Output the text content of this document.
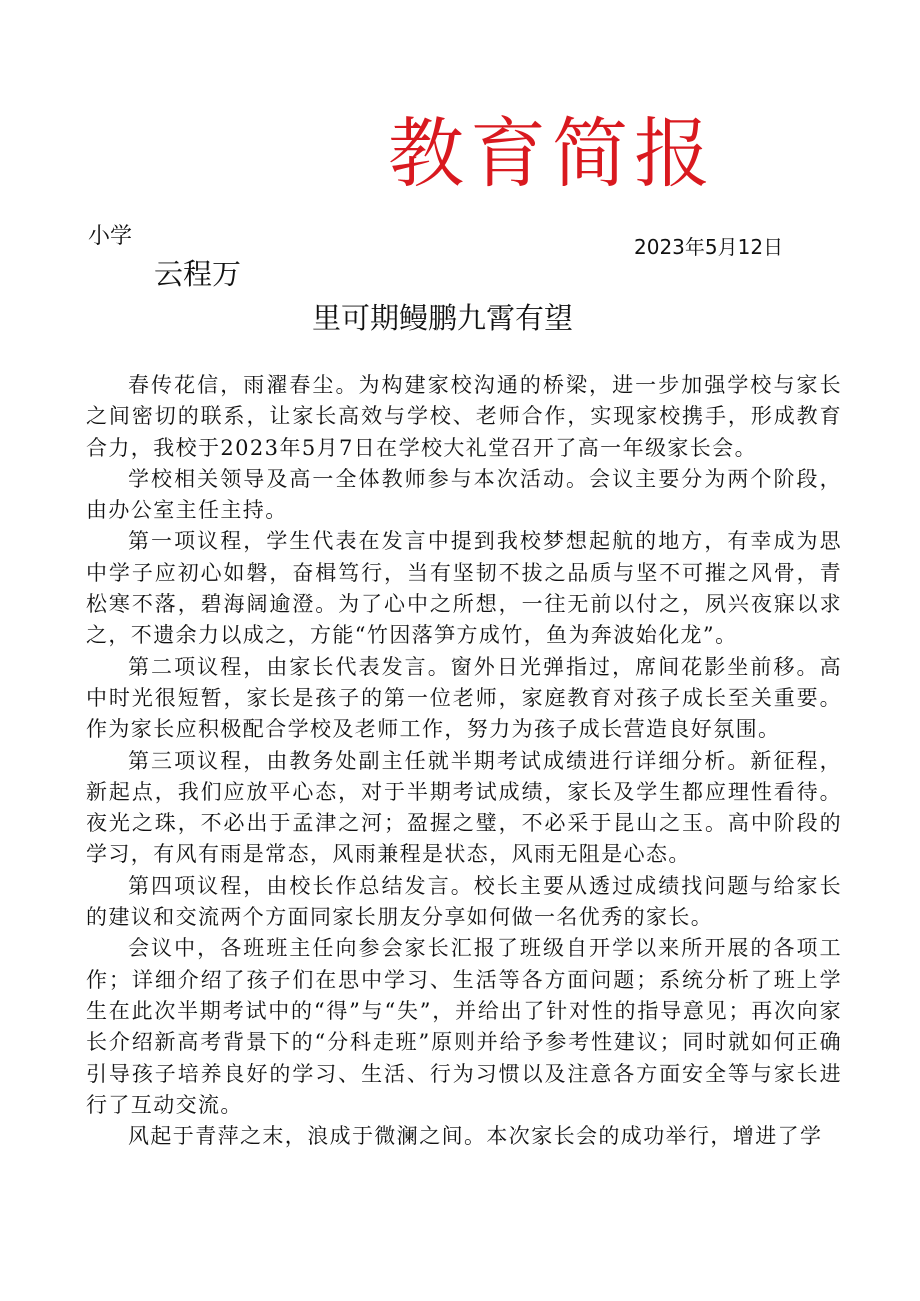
教育简报
小学	2023年5月12日
云程万
里可期鳗鹏九霄有望

春传花信，雨濯春尘。为构建家校沟通的桥梁，进一步加强学校与家长之间密切的联系，让家长高效与学校、老师合作，实现家校携手，形成教育合力，我校于2023年5月7日在学校大礼堂召开了高一年级家长会。

学校相关领导及高一全体教师参与本次活动。会议主要分为两个阶段，由办公室主任主持。

第一项议程，学生代表在发言中提到我校梦想起航的地方，有幸成为思中学子应初心如磐，奋楫笃行，当有坚韧不拔之品质与坚不可摧之风骨，青松寒不落，碧海阔逾澄。为了心中之所想，一往无前以付之，夙兴夜寐以求之，不遗余力以成之，方能“竹因落笋方成竹，鱼为奔波始化龙”。

第二项议程，由家长代表发言。窗外日光弹指过，席间花影坐前移。高中时光很短暂，家长是孩子的第一位老师，家庭教育对孩子成长至关重要。作为家长应积极配合学校及老师工作，努力为孩子成长营造良好氛围。

第三项议程，由教务处副主任就半期考试成绩进行详细分析。新征程，新起点，我们应放平心态，对于半期考试成绩，家长及学生都应理性看待。夜光之珠，不必出于孟津之河；盈握之璧，不必采于昆山之玉。高中阶段的学习，有风有雨是常态，风雨兼程是状态，风雨无阻是心态。

第四项议程，由校长作总结发言。校长主要从透过成绩找问题与给家长的建议和交流两个方面同家长朋友分享如何做一名优秀的家长。

会议中，各班班主任向参会家长汇报了班级自开学以来所开展的各项工作；详细介绍了孩子们在思中学习、生活等各方面问题；系统分析了班上学生在此次半期考试中的“得”与“失”，并给出了针对性的指导意见；再次向家长介绍新高考背景下的“分科走班”原则并给予参考性建议；同时就如何正确引导孩子培养良好的学习、生活、行为习惯以及注意各方面安全等与家长进行了互动交流。

风起于青萍之末，浪成于微澜之间。本次家长会的成功举行，增进了学
